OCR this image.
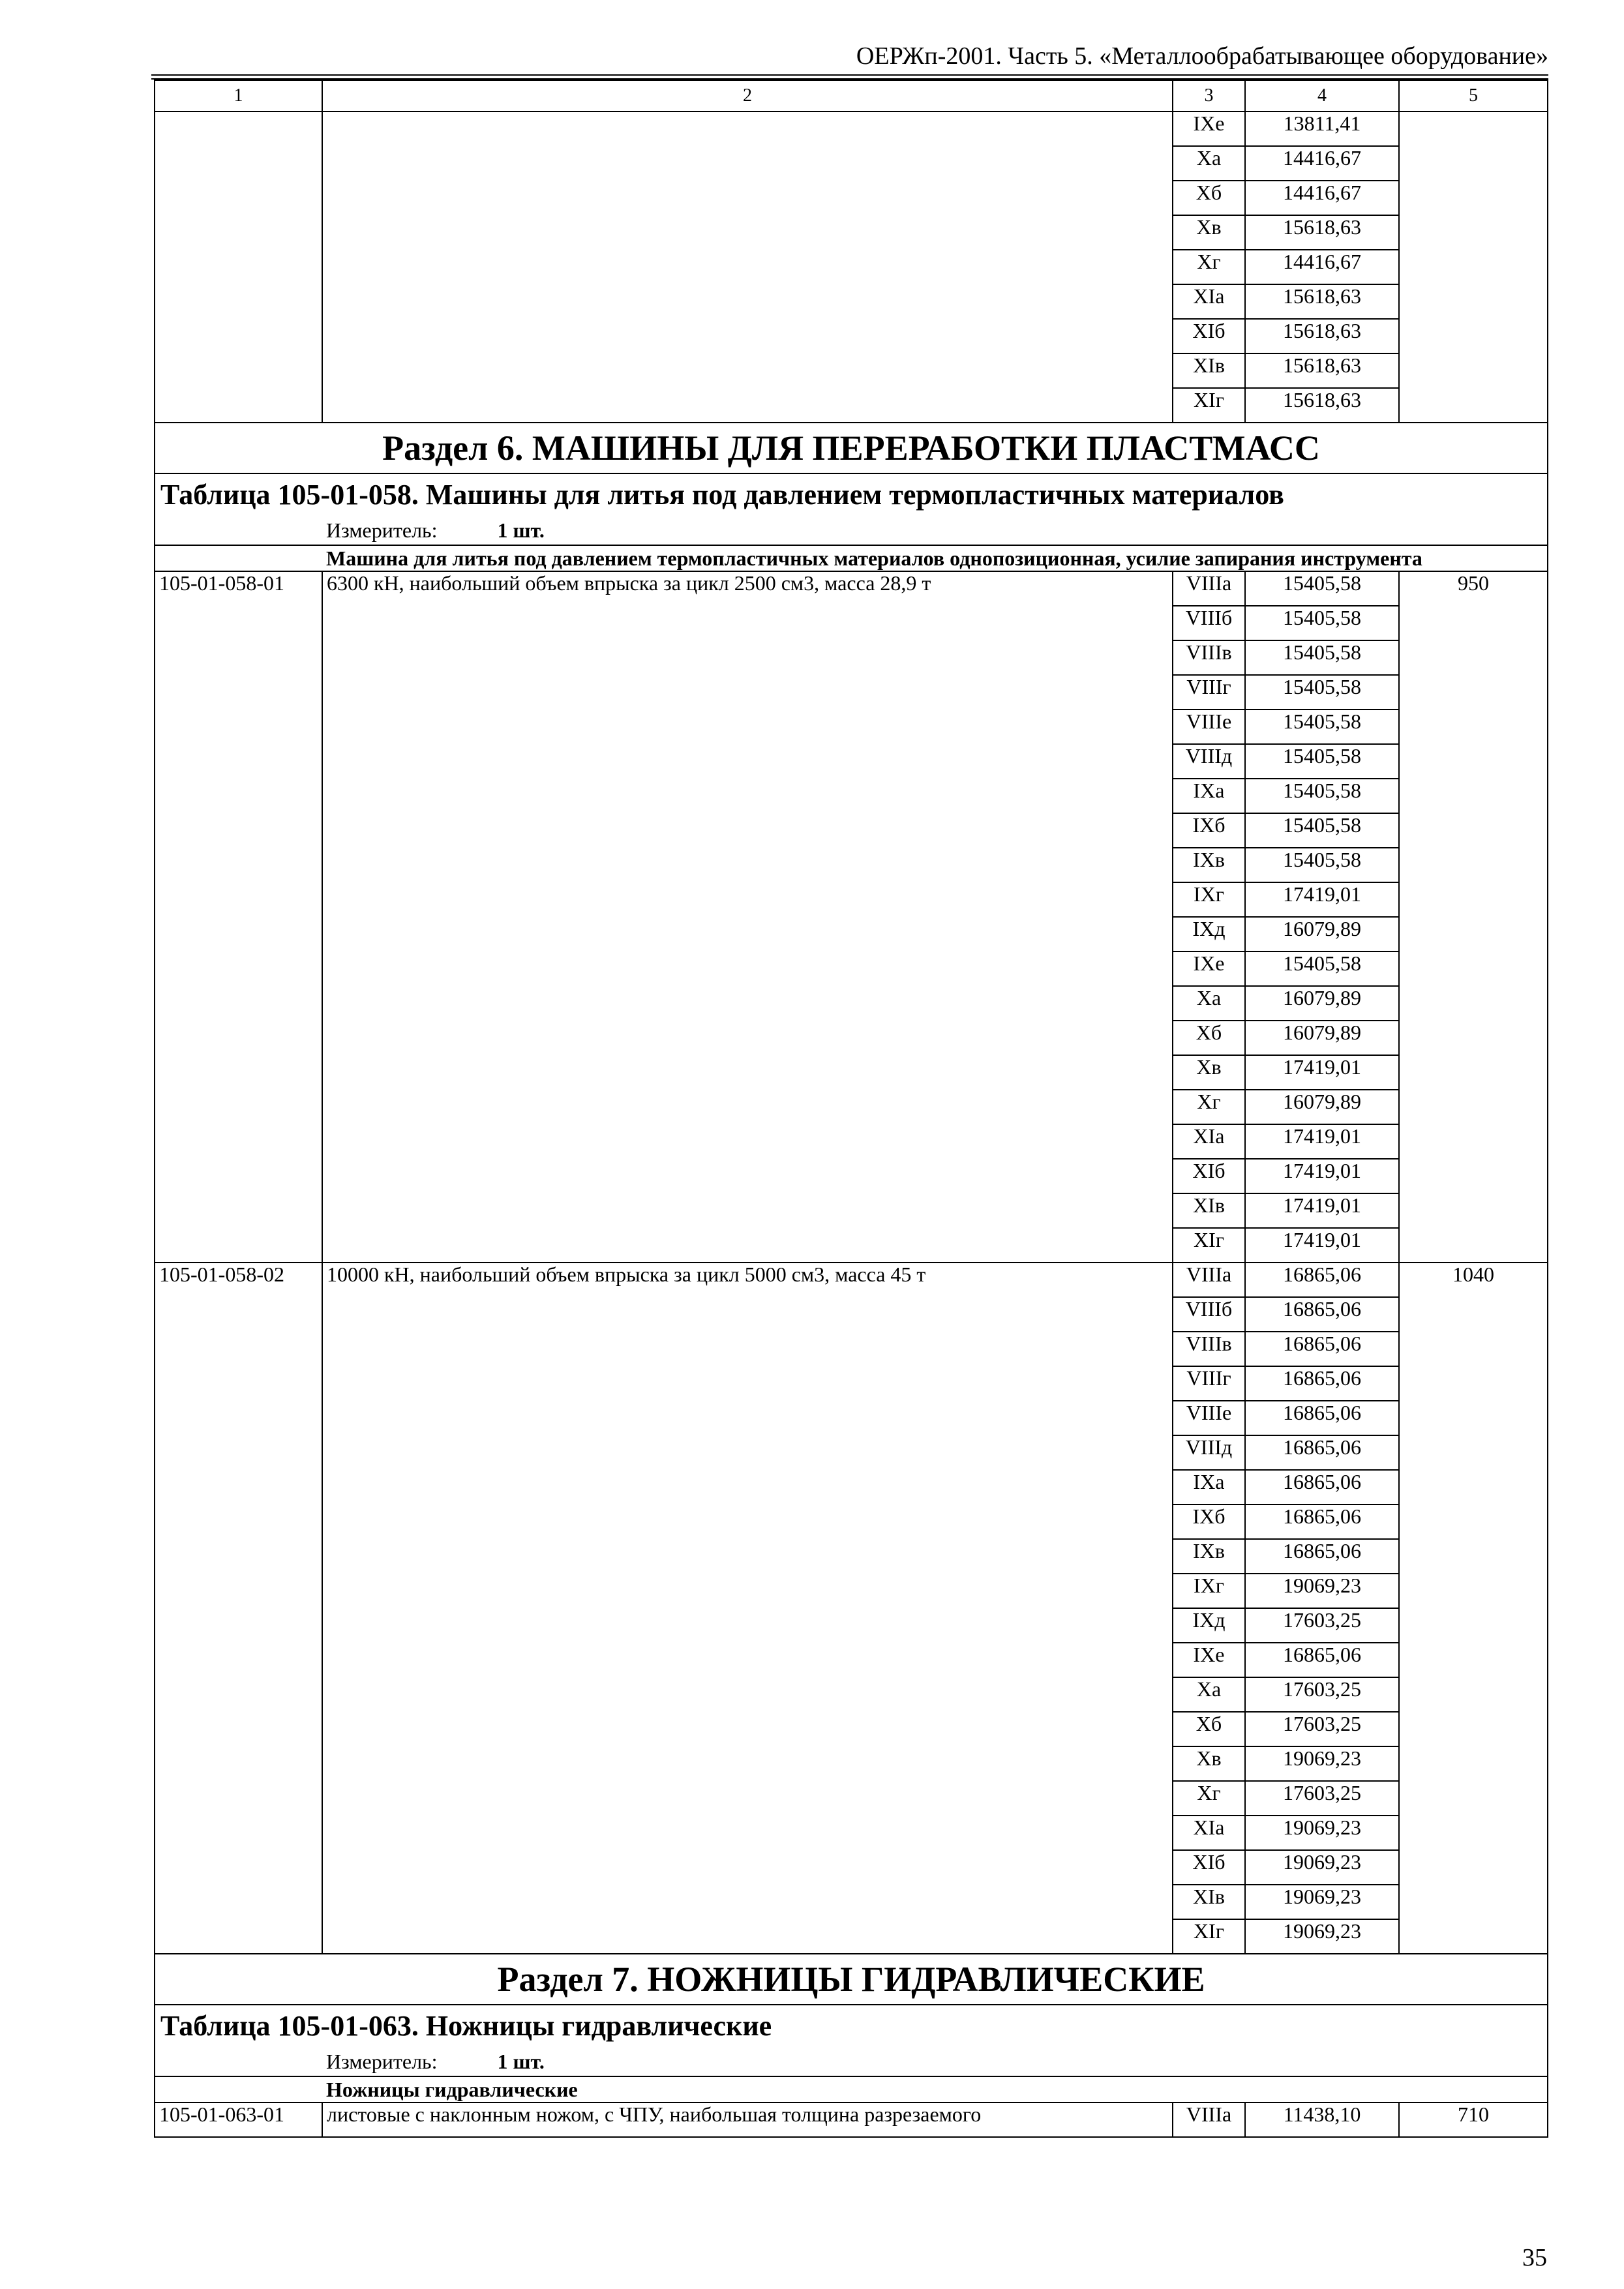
ОЕРЖп-2001. Часть 5. «Металлообрабатывающее оборудование»
1	2	3	4	5
		IXе	13811,41	
		Xа	14416,67	
		Xб	14416,67	
		Xв	15618,63	
		Xг	14416,67	
		XIа	15618,63	
		XIб	15618,63	
		XIв	15618,63	
		XIг	15618,63	
Раздел 6. МАШИНЫ ДЛЯ ПЕРЕРАБОТКИ ПЛАСТМАСС				
Таблица 105-01-058. Машины для литья под давлением термопластичных материалов				
Измеритель: 1 шт.				
	Машина для литья под давлением термопластичных материалов однопозиционная, усилие запирания инструмента			
105-01-058-01	6300 кН, наибольший объем впрыска за цикл 2500 см3, масса 28,9 т	VIIIа	15405,58	950
		VIIIб	15405,58	
		VIIIв	15405,58	
		VIIIг	15405,58	
		VIIIе	15405,58	
		VIIIд	15405,58	
		IXа	15405,58	
		IXб	15405,58	
		IXв	15405,58	
		IXг	17419,01	
		IXд	16079,89	
		IXе	15405,58	
		Xа	16079,89	
		Xб	16079,89	
		Xв	17419,01	
		Xг	16079,89	
		XIа	17419,01	
		XIб	17419,01	
		XIв	17419,01	
		XIг	17419,01	
105-01-058-02	10000 кН, наибольший объем впрыска за цикл 5000 см3, масса 45 т	VIIIа	16865,06	1040
		VIIIб	16865,06	
		VIIIв	16865,06	
		VIIIг	16865,06	
		VIIIе	16865,06	
		VIIIд	16865,06	
		IXа	16865,06	
		IXб	16865,06	
		IXв	16865,06	
		IXг	19069,23	
		IXд	17603,25	
		IXе	16865,06	
		Xа	17603,25	
		Xб	17603,25	
		Xв	19069,23	
		Xг	17603,25	
		XIа	19069,23	
		XIб	19069,23	
		XIв	19069,23	
		XIг	19069,23	
Раздел 7. НОЖНИЦЫ ГИДРАВЛИЧЕСКИЕ				
Таблица 105-01-063. Ножницы гидравлические				
Измеритель: 1 шт.				
	Ножницы гидравлические			
105-01-063-01	листовые с наклонным ножом, с ЧПУ, наибольшая толщина разрезаемого	VIIIа	11438,10	710
35
